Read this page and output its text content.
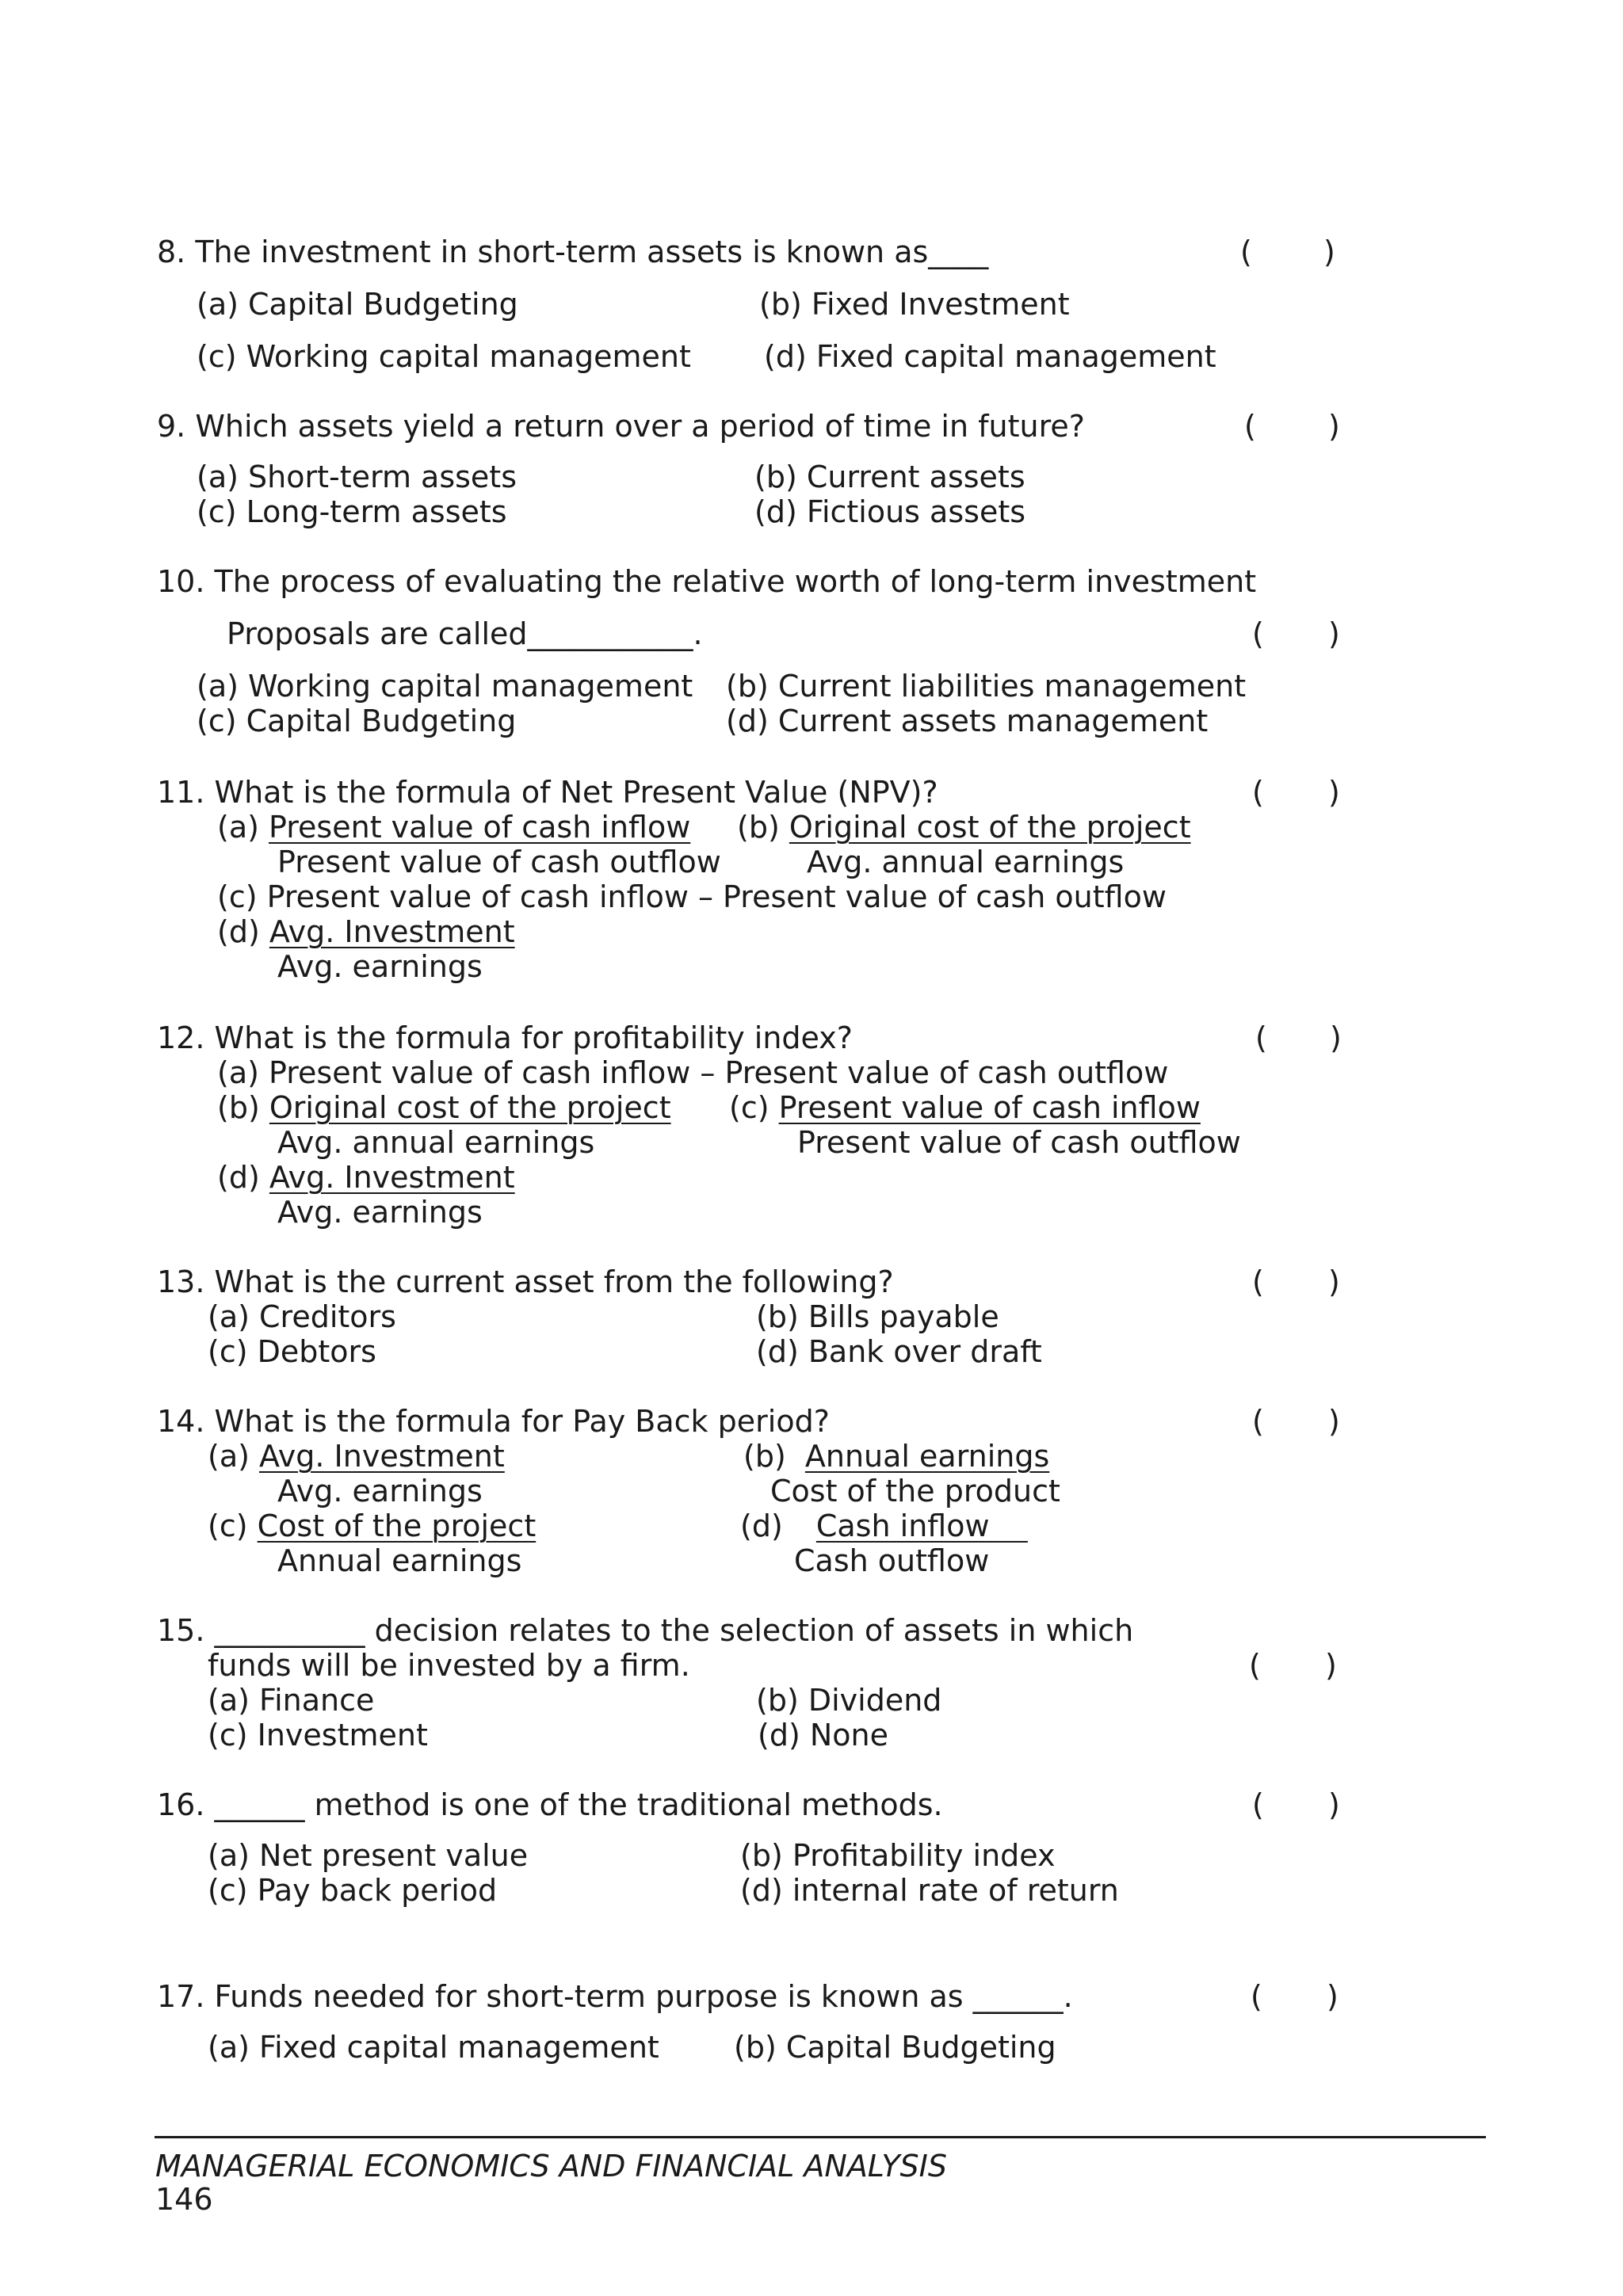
8. The investment in short-term assets is known as____	( )
(a) Capital Budgeting	(b) Fixed Investment
(c) Working capital management (d) Fixed capital management
9. Which assets yield a return over a period of time in future?	( )
(a) Short-term assets	(b) Current assets
(c) Long-term assets	(d) Fictious assets
10. The process of evaluating the relative worth of long-term investment
Proposals are called___________.	( )
(a) Working capital management (b) Current liabilities management
(c) Capital Budgeting	(d) Current assets management
11. What is the formula of Net Present Value (NPV)?	( )
(a) Present value of cash inflow
Present value of cash outflow
(b) Original cost of the project
Avg. annual earnings
(c) Present value of cash inflow – Present value of cash outflow
(d) Avg. Investment
Avg. earnings
12. What is the formula for profitability index?	( )
(a) Present value of cash inflow – Present value of cash outflow
(b) Original cost of the project
Avg. annual earnings
(c) Present value of cash inflow
Present value of cash outflow
(d) Avg. Investment
Avg. earnings
13. What is the current asset from the following?	( )
(a) Creditors	(b) Bills payable
(c) Debtors	(d) Bank over draft
14. What is the formula for Pay Back period?	( )
(a) Avg. Investment
Avg. earnings
(b) Annual earnings
Cost of the product
(c) Cost of the project
Annual earnings
(d) Cash inflow
Cash outflow
15. __________ decision relates to the selection of assets in which
funds will be invested by a firm.	( )
(a) Finance	(b) Dividend
(c) Investment	(d) None
16. ______ method is one of the traditional methods.	( )
(a) Net present value	(b) Profitability index
(c) Pay back period	(d) internal rate of return
17. Funds needed for short-term purpose is known as ______.	( )
(a) Fixed capital management (b) Capital Budgeting
MANAGERIAL ECONOMICS AND FINANCIAL ANALYSIS
146
